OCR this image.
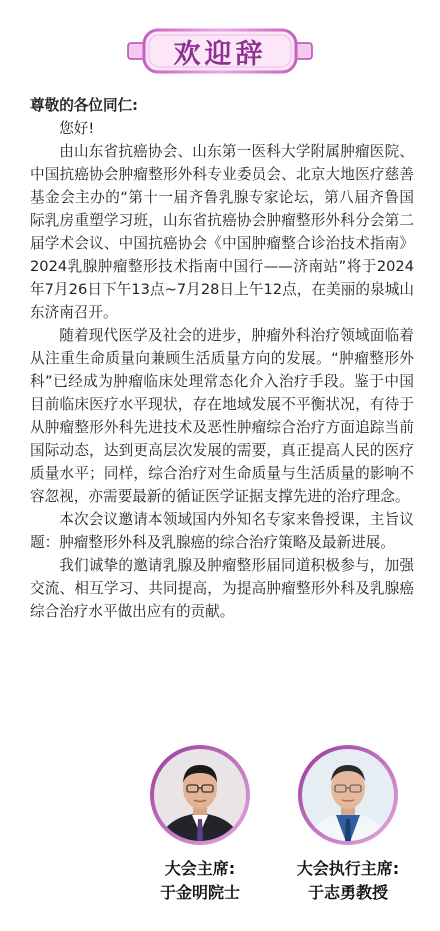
欢迎辞

尊敬的各位同仁:

您好!

由山东省抗癌协会、山东第一医科大学附属肿瘤医院、中国抗癌协会肿瘤整形外科专业委员会、北京大地医疗慈善基金会主办的“第十一届齐鲁乳腺专家论坛，第八届齐鲁国际乳房重塑学习班，山东省抗癌协会肿瘤整形外科分会第二届学术会议、中国抗癌协会《中国肿瘤整合诊治技术指南》2024乳腺肿瘤整形技术指南中国行——济南站”将于2024年7月26日下午13点~7月28日上午12点，在美丽的泉城山东济南召开。

随着现代医学及社会的进步，肿瘤外科治疗领域面临着从注重生命质量向兼顾生活质量方向的发展。“肿瘤整形外科”已经成为肿瘤临床处理常态化介入治疗手段。鉴于中国目前临床医疗水平现状，存在地域发展不平衡状况，有待于从肿瘤整形外科先进技术及恶性肿瘤综合治疗方面追踪当前国际动态，达到更高层次发展的需要，真正提高人民的医疗质量水平；同样，综合治疗对生命质量与生活质量的影响不容忽视，亦需要最新的循证医学证据支撑先进的治疗理念。

本次会议邀请本领域国内外知名专家来鲁授课，主旨议题：肿瘤整形外科及乳腺癌的综合治疗策略及最新进展。

我们诚挚的邀请乳腺及肿瘤整形届同道积极参与，加强交流、相互学习、共同提高，为提高肿瘤整形外科及乳腺癌综合治疗水平做出应有的贡献。

大会主席:
于金明院士
大会执行主席:
于志勇教授
